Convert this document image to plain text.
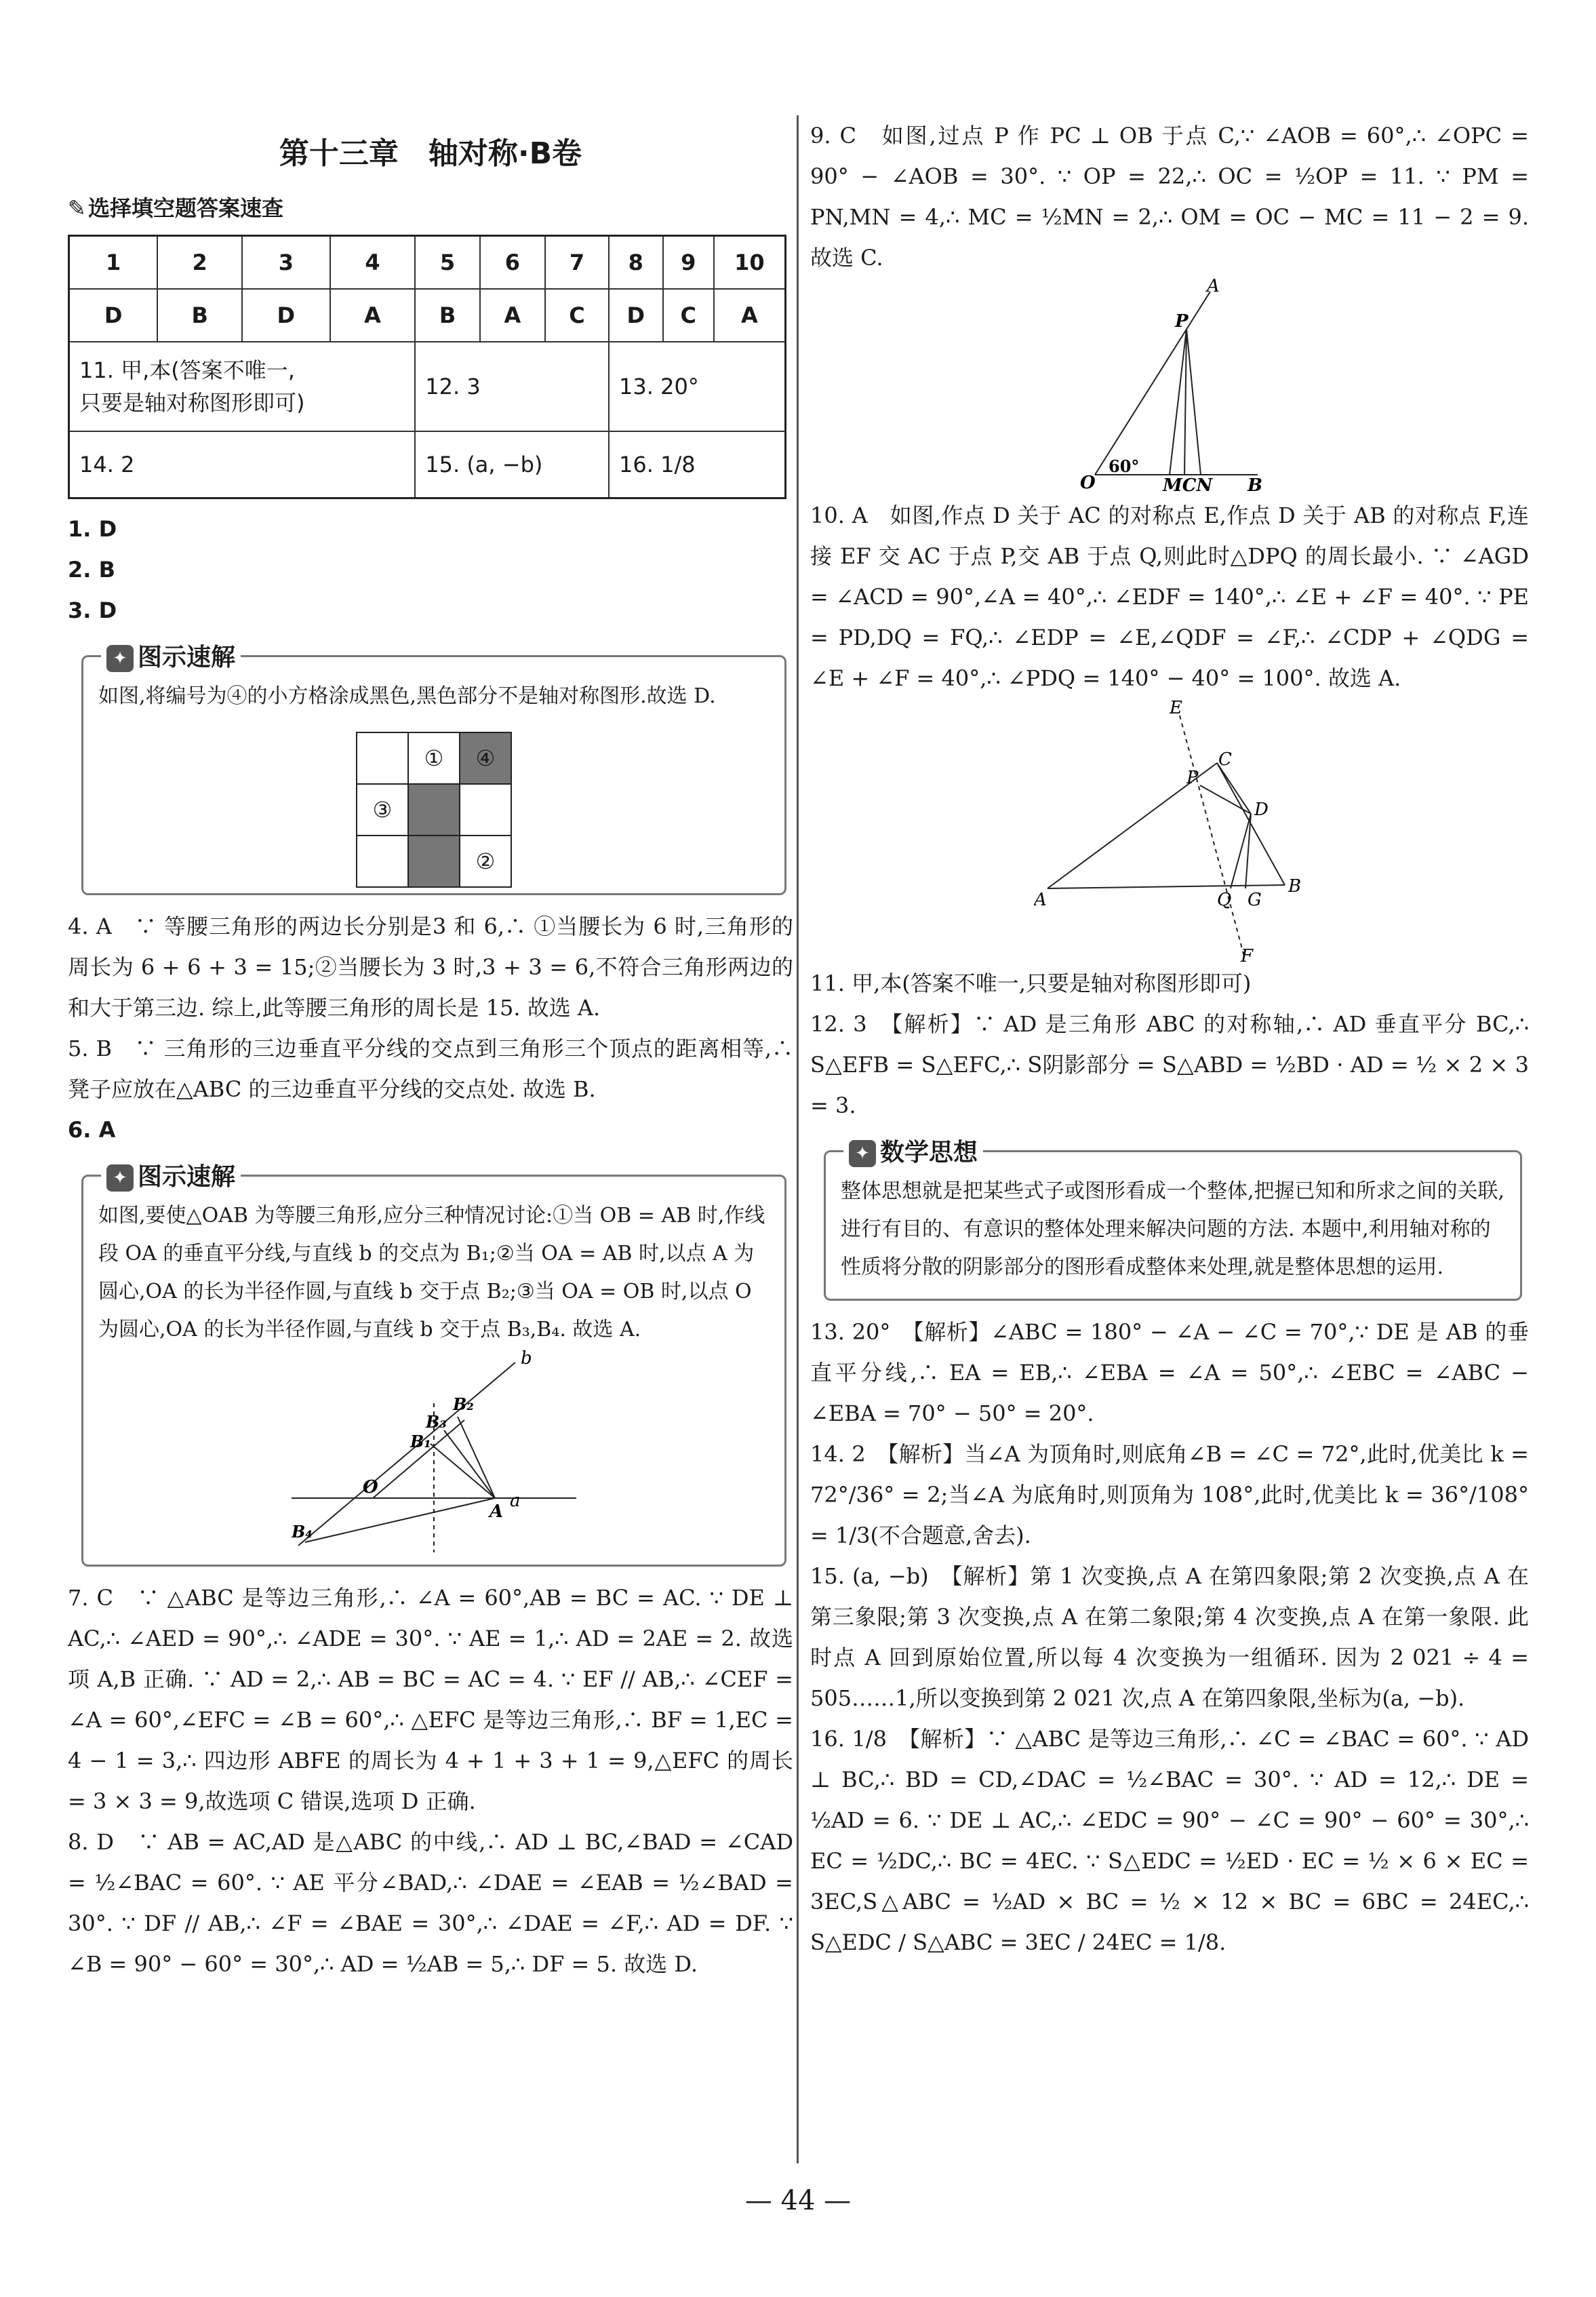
第十三章　轴对称·B卷
✎选择填空题答案速查
1	2	3	4	5	6	7	8	9	10
D	B	D	A	B	A	C	D	C	A

11. 甲,本(答案不唯一,
只要是轴对称图形即可)				12. 3			13. 20°		
14. 2				15. (a, −b)			16. 1/8		

1. D

2. B

3. D

✦ 图示速解

如图,将编号为④的小方格涂成黑色,黑色部分不是轴对称图形.故选 D.

	①	④
③		
		②

4. A　∵ 等腰三角形的两边长分别是3 和 6,∴ ①当腰长为 6 时,三角形的周长为 6 + 6 + 3 = 15;②当腰长为 3 时,3 + 3 = 6,不符合三角形两边的和大于第三边. 综上,此等腰三角形的周长是 15. 故选 A.

5. B　∵ 三角形的三边垂直平分线的交点到三角形三个顶点的距离相等,∴ 凳子应放在△ABC 的三边垂直平分线的交点处. 故选 B.

6. A

✦ 图示速解

如图,要使△OAB 为等腰三角形,应分三种情况讨论:①当 OB = AB 时,作线段 OA 的垂直平分线,与直线 b 的交点为 B₁;②当 OA = AB 时,以点 A 为圆心,OA 的长为半径作圆,与直线 b 交于点 B₂;③当 OA = OB 时,以点 O 为圆心,OA 的长为半径作圆,与直线 b 交于点 B₃,B₄. 故选 A.

b
B₂
B₃
B₁
O
A
a
B₄

7. C　∵ △ABC 是等边三角形,∴ ∠A = 60°,AB = BC = AC. ∵ DE ⊥ AC,∴ ∠AED = 90°,∴ ∠ADE = 30°. ∵ AE = 1,∴ AD = 2AE = 2. 故选项 A,B 正确. ∵ AD = 2,∴ AB = BC = AC = 4. ∵ EF // AB,∴ ∠CEF = ∠A = 60°,∠EFC = ∠B = 60°,∴ △EFC 是等边三角形,∴ BF = 1,EC = 4 − 1 = 3,∴ 四边形 ABFE 的周长为 4 + 1 + 3 + 1 = 9,△EFC 的周长 = 3 × 3 = 9,故选项 C 错误,选项 D 正确.

8. D　∵ AB = AC,AD 是△ABC 的中线,∴ AD ⊥ BC,∠BAD = ∠CAD = ½∠BAC = 60°. ∵ AE 平分∠BAD,∴ ∠DAE = ∠EAB = ½∠BAD = 30°. ∵ DF // AB,∴ ∠F = ∠BAE = 30°,∴ ∠DAE = ∠F,∴ AD = DF. ∵ ∠B = 90° − 60° = 30°,∴ AD = ½AB = 5,∴ DF = 5. 故选 D.

9. C　如图,过点 P 作 PC ⊥ OB 于点 C,∵ ∠AOB = 60°,∴ ∠OPC = 90° − ∠AOB = 30°. ∵ OP = 22,∴ OC = ½OP = 11. ∵ PM = PN,MN = 4,∴ MC = ½MN = 2,∴ OM = OC − MC = 11 − 2 = 9. 故选 C.

A
P
O
60°
MCN B

10. A　如图,作点 D 关于 AC 的对称点 E,作点 D 关于 AB 的对称点 F,连接 EF 交 AC 于点 P,交 AB 于点 Q,则此时△DPQ 的周长最小. ∵ ∠AGD = ∠ACD = 90°,∠A = 40°,∴ ∠EDF = 140°,∴ ∠E + ∠F = 40°. ∵ PE = PD,DQ = FQ,∴ ∠EDP = ∠E,∠QDF = ∠F,∴ ∠CDP + ∠QDG = ∠E + ∠F = 40°,∴ ∠PDQ = 140° − 40° = 100°. 故选 A.

E
P
C
D
A	Q G
B
F

11. 甲,本(答案不唯一,只要是轴对称图形即可)

12. 3　【解析】∵ AD 是三角形 ABC 的对称轴,∴ AD 垂直平分 BC,∴ S△EFB = S△EFC,∴ S阴影部分 = S△ABD = ½BD · AD = ½ × 2 × 3 = 3.

✦ 数学思想

整体思想就是把某些式子或图形看成一个整体,把握已知和所求之间的关联,进行有目的、有意识的整体处理来解决问题的方法. 本题中,利用轴对称的性质将分散的阴影部分的图形看成整体来处理,就是整体思想的运用.

13. 20°　【解析】∠ABC = 180° − ∠A − ∠C = 70°,∵ DE 是 AB 的垂直平分线,∴ EA = EB,∴ ∠EBA = ∠A = 50°,∴ ∠EBC = ∠ABC − ∠EBA = 70° − 50° = 20°.

14. 2　【解析】当∠A 为顶角时,则底角∠B = ∠C = 72°,此时,优美比 k = 72°/36° = 2;当∠A 为底角时,则顶角为 108°,此时,优美比 k = 36°/108° = 1/3(不合题意,舍去).

15. (a, −b)　【解析】第 1 次变换,点 A 在第四象限;第 2 次变换,点 A 在第三象限;第 3 次变换,点 A 在第二象限;第 4 次变换,点 A 在第一象限. 此时点 A 回到原始位置,所以每 4 次变换为一组循环. 因为 2 021 ÷ 4 = 505……1,所以变换到第 2 021 次,点 A 在第四象限,坐标为(a, −b).

16. 1/8　【解析】∵ △ABC 是等边三角形,∴ ∠C = ∠BAC = 60°. ∵ AD ⊥ BC,∴ BD = CD,∠DAC = ½∠BAC = 30°. ∵ AD = 12,∴ DE = ½AD = 6. ∵ DE ⊥ AC,∴ ∠EDC = 90° − ∠C = 90° − 60° = 30°,∴ EC = ½DC,∴ BC = 4EC. ∵ S△EDC = ½ED · EC = ½ × 6 × EC = 3EC,S△ABC = ½AD × BC = ½ × 12 × BC = 6BC = 24EC,∴ S△EDC / S△ABC = 3EC / 24EC = 1/8.

— 44 —
